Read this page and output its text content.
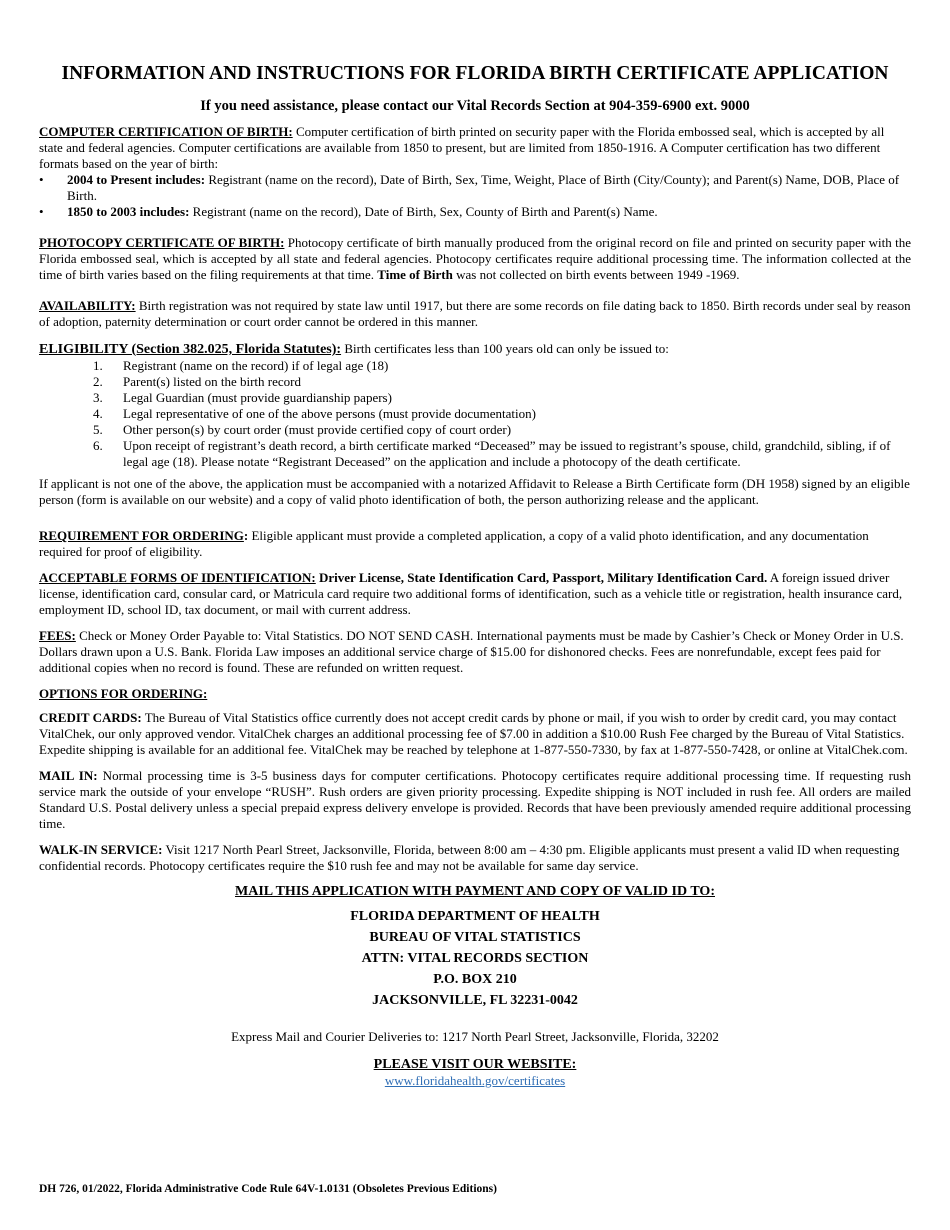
INFORMATION AND INSTRUCTIONS FOR FLORIDA BIRTH CERTIFICATE APPLICATION

If you need assistance, please contact our Vital Records Section at 904-359-6900 ext. 9000

COMPUTER CERTIFICATION OF BIRTH: Computer certification of birth printed on security paper with the Florida embossed seal, which is accepted by all state and federal agencies. Computer certifications are available from 1850 to present, but are limited from 1850-1916. A Computer certification has two different formats based on the year of birth:

• 2004 to Present includes: Registrant (name on the record), Date of Birth, Sex, Time, Weight, Place of Birth (City/County); and Parent(s) Name, DOB, Place of Birth.
• 1850 to 2003 includes: Registrant (name on the record), Date of Birth, Sex, County of Birth and Parent(s) Name.

PHOTOCOPY CERTIFICATE OF BIRTH: Photocopy certificate of birth manually produced from the original record on file and printed on security paper with the Florida embossed seal, which is accepted by all state and federal agencies. Photocopy certificates require additional processing time. The information collected at the time of birth varies based on the filing requirements at that time. Time of Birth was not collected on birth events between 1949 -1969.

AVAILABILITY: Birth registration was not required by state law until 1917, but there are some records on file dating back to 1850. Birth records under seal by reason of adoption, paternity determination or court order cannot be ordered in this manner.

ELIGIBILITY (Section 382.025, Florida Statutes): Birth certificates less than 100 years old can only be issued to:

1. Registrant (name on the record) if of legal age (18)
2. Parent(s) listed on the birth record
3. Legal Guardian (must provide guardianship papers)
4. Legal representative of one of the above persons (must provide documentation)
5. Other person(s) by court order (must provide certified copy of court order)
6. Upon receipt of registrant’s death record, a birth certificate marked “Deceased” may be issued to registrant’s spouse, child, grandchild, sibling, if of legal age (18). Please notate “Registrant Deceased” on the application and include a photocopy of the death certificate.

If applicant is not one of the above, the application must be accompanied with a notarized Affidavit to Release a Birth Certificate form (DH 1958) signed by an eligible person (form is available on our website) and a copy of valid photo identification of both, the person authorizing release and the applicant.

REQUIREMENT FOR ORDERING: Eligible applicant must provide a completed application, a copy of a valid photo identification, and any documentation required for proof of eligibility.

ACCEPTABLE FORMS OF IDENTIFICATION: Driver License, State Identification Card, Passport, Military Identification Card. A foreign issued driver license, identification card, consular card, or Matricula card require two additional forms of identification, such as a vehicle title or registration, health insurance card, employment ID, school ID, tax document, or mail with current address.

FEES: Check or Money Order Payable to: Vital Statistics. DO NOT SEND CASH. International payments must be made by Cashier’s Check or Money Order in U.S. Dollars drawn upon a U.S. Bank. Florida Law imposes an additional service charge of $15.00 for dishonored checks. Fees are nonrefundable, except fees paid for additional copies when no record is found. These are refunded on written request.

OPTIONS FOR ORDERING:

CREDIT CARDS: The Bureau of Vital Statistics office currently does not accept credit cards by phone or mail, if you wish to order by credit card, you may contact VitalChek, our only approved vendor. VitalChek charges an additional processing fee of $7.00 in addition a $10.00 Rush Fee charged by the Bureau of Vital Statistics. Expedite shipping is available for an additional fee. VitalChek may be reached by telephone at 1-877-550-7330, by fax at 1-877-550-7428, or online at VitalChek.com.

MAIL IN: Normal processing time is 3-5 business days for computer certifications. Photocopy certificates require additional processing time. If requesting rush service mark the outside of your envelope “RUSH”. Rush orders are given priority processing. Expedite shipping is NOT included in rush fee. All orders are mailed Standard U.S. Postal delivery unless a special prepaid express delivery envelope is provided. Records that have been previously amended require additional processing time.

WALK-IN SERVICE: Visit 1217 North Pearl Street, Jacksonville, Florida, between 8:00 am – 4:30 pm. Eligible applicants must present a valid ID when requesting confidential records. Photocopy certificates require the $10 rush fee and may not be available for same day service.

MAIL THIS APPLICATION WITH PAYMENT AND COPY OF VALID ID TO:

FLORIDA DEPARTMENT OF HEALTH
BUREAU OF VITAL STATISTICS
ATTN: VITAL RECORDS SECTION
P.O. BOX 210
JACKSONVILLE, FL 32231-0042

Express Mail and Courier Deliveries to: 1217 North Pearl Street, Jacksonville, Florida, 32202

PLEASE VISIT OUR WEBSITE:

www.floridahealth.gov/certificates

DH 726, 01/2022, Florida Administrative Code Rule 64V-1.0131 (Obsoletes Previous Editions)
